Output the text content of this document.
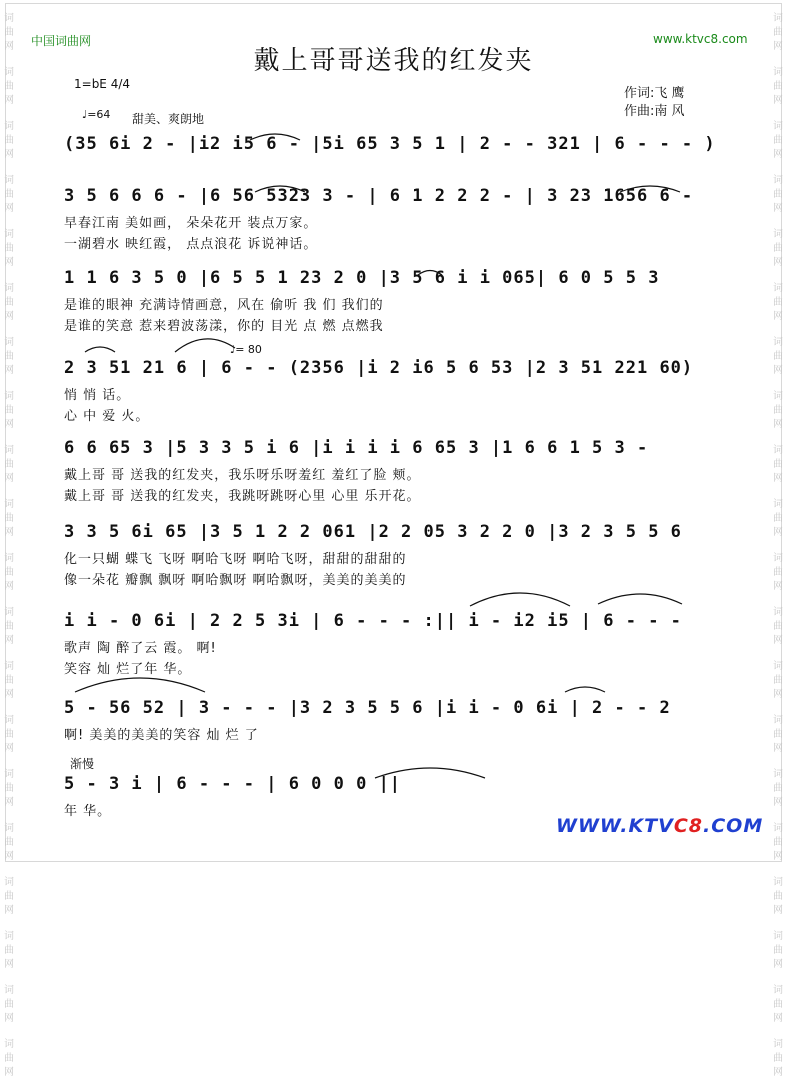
词
曲
网
词
曲
网
词
曲
网
词
曲
网
词
曲
网
词
曲
网
词
曲
网
词
曲
网
词
曲
网
词
曲
网
词
曲
网
词
曲
网
词
曲
网
词
曲
网
词
曲
网
词
曲
网
词
曲
网
词
曲
网
词
曲
网
词
曲
网
词
曲
网
词
曲
网
词
曲
网
词
曲
网
词
曲
网
词
曲
网
词
曲
网
词
曲
网
词
曲
网
词
曲
网
词
曲
网
词
曲
网
词
曲
网
词
曲
网
词
曲
网
词
曲
网
词
曲
网
词
曲
网
词
曲
网
词
曲
网
中国词曲网	www.ktvc8.com
戴上哥哥送我的红发夹
作词:飞 鹰
作曲:南 风
1=bE 4/4
♩=64 甜美、爽朗地
♩= 80
渐慢
(35 6i 2 - |i2 i5 6 - |5i 65 3 5 1 | 2 - - 321 | 6 - - - )
3 5 6 6 6 - |6 56 5323 3 - | 6 1 2 2 2 - | 3 23 1656 6 -
早春江南 美如画， 朵朵花开 装点万家。
一湖碧水 映红霞， 点点浪花 诉说神话。
1 1 6 3 5 0 |6 5 5 1 23 2 0 |3 5 6 i i 065| 6 0 5 5 3
是谁的眼神 充满诗情画意，风在 偷听 我 们 我们的
是谁的笑意 惹来碧波荡漾，你的 目光 点 燃 点燃我
2 3 51 21 6 | 6 - - (2356 |i 2 i6 5 6 53 |2 3 51 221 60)
悄 悄 话。
心 中 爱 火。
6 6 65 3 |5 3 3 5 i 6 |i i i i 6 65 3 |1 6 6 1 5 3 -
戴上哥 哥 送我的红发夹，我乐呀乐呀羞红 羞红了脸 颊。
戴上哥 哥 送我的红发夹，我跳呀跳呀心里 心里 乐开花。
3 3 5 6i 65 |3 5 1 2 2 061 |2 2 05 3 2 2 0 |3 2 3 5 5 6
化一只蝴 蝶飞 飞呀 啊哈飞呀 啊哈飞呀，甜甜的甜甜的
像一朵花 瓣飘 飘呀 啊哈飘呀 啊哈飘呀，美美的美美的
i i - 0 6i | 2 2 5 3i | 6 - - - :|| i - i2 i5 | 6 - - -
歌声 陶 醉了云 霞。 啊!
笑容 灿 烂了年 华。
5 - 56 52 | 3 - - - |3 2 3 5 5 6 |i i - 0 6i | 2 - - 2
啊! 美美的美美的笑容 灿 烂 了
5 - 3 i | 6 - - - | 6 0 0 0 ||
年 华。
WWW.KTVC8.COM
